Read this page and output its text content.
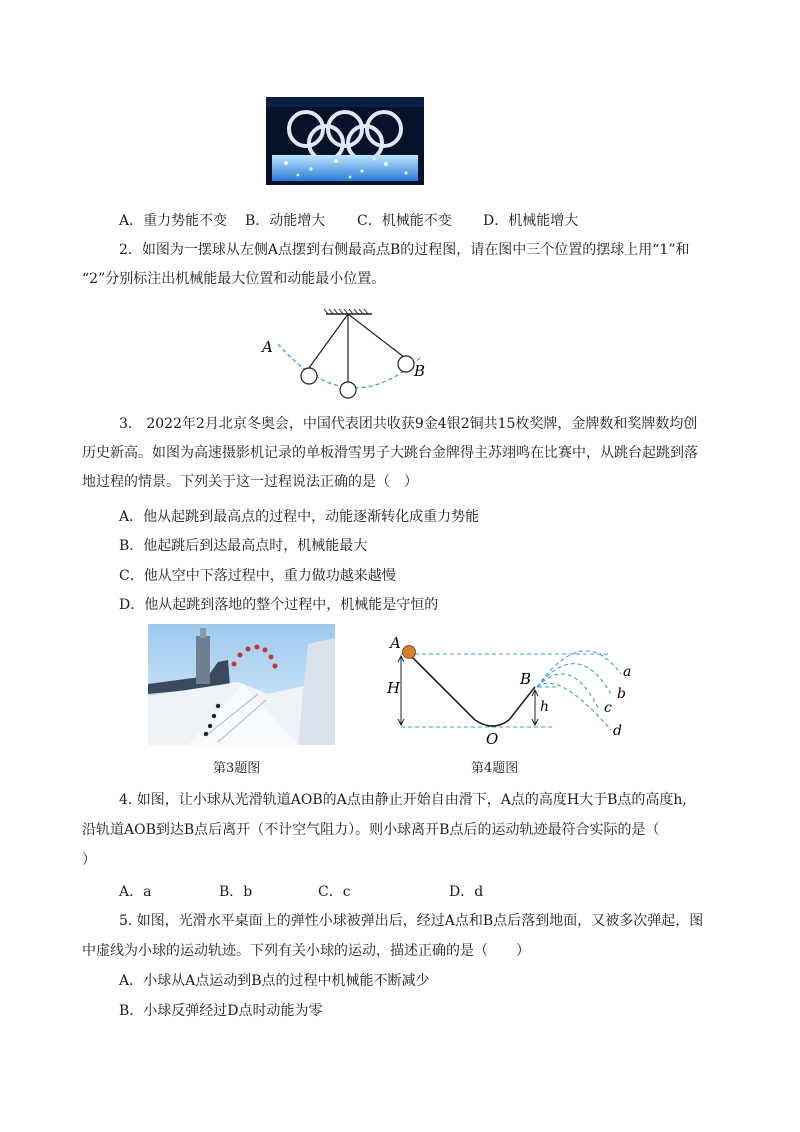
A．重力势能不变 B．动能增大 C．机械能不变 D．机械能增大
2．如图为一摆球从左侧A点摆到右侧最高点B的过程图，请在图中三个位置的摆球上用“1”和
“2”分别标注出机械能最大位置和动能最小位置。
A
B
3.　2022年2月北京冬奥会，中国代表团共收获9金4银2铜共15枚奖牌，金牌数和奖牌数均创
历史新高。如图为高速摄影机记录的单板滑雪男子大跳台金牌得主苏翊鸣在比赛中，从跳台起跳到落
地过程的情景。下列关于这一过程说法正确的是（　）
A．他从起跳到最高点的过程中，动能逐渐转化成重力势能
B．他起跳后到达最高点时，机械能最大
C．他从空中下落过程中，重力做功越来越慢
D．他从起跳到落地的整个过程中，机械能是守恒的
第3题图
A
B
O
H
h
a
b
c
d
第4题图
4. 如图，让小球从光滑轨道AOB的A点由静止开始自由滑下，A点的高度H大于B点的高度h,
沿轨道AOB到达B点后离开（不计空气阻力）。则小球离开B点后的运动轨迹最符合实际的是（
）
A．a	B．b	C．c	D．d
5. 如图，光滑水平桌面上的弹性小球被弹出后，经过A点和B点后落到地面，又被多次弹起，图
中虚线为小球的运动轨迹。下列有关小球的运动，描述正确的是（　　）
A．小球从A点运动到B点的过程中机械能不断减少
B．小球反弹经过D点时动能为零
